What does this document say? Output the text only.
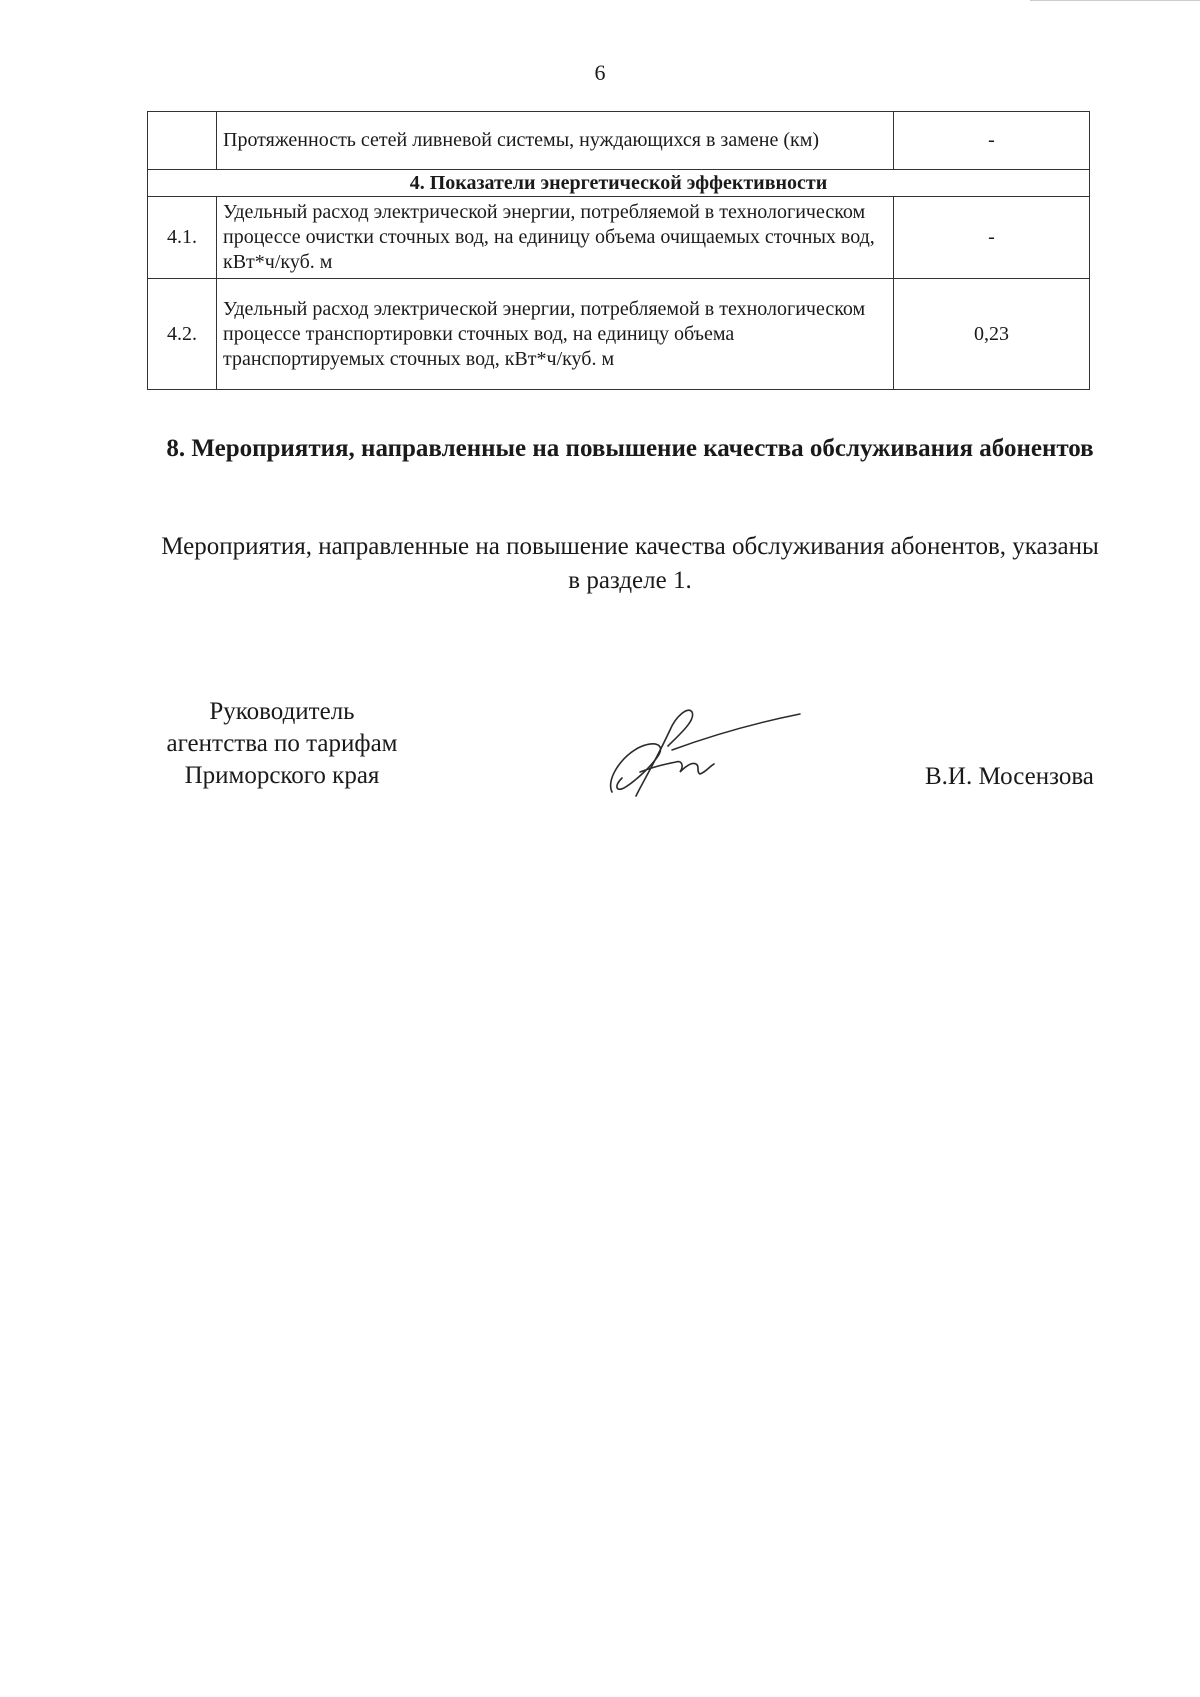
6
	Протяженность сетей ливневой системы, нуждающихся в замене (км)	-
4. Показатели энергетической эффективности		
4.1.	Удельный расход электрической энергии, потребляемой в технологическом процессе очистки сточных вод, на единицу объема очищаемых сточных вод, кВт*ч/куб. м	-
4.2.	Удельный расход электрической энергии, потребляемой в технологическом процессе транспортировки сточных вод, на единицу объема транспортируемых сточных вод, кВт*ч/куб. м	0,23
8. Мероприятия, направленные на повышение качества обслуживания абонентов
Мероприятия, направленные на повышение качества обслуживания абонентов, указаны в разделе 1.
Руководитель
агентства по тарифам
Приморского края	В.И. Мосензова
